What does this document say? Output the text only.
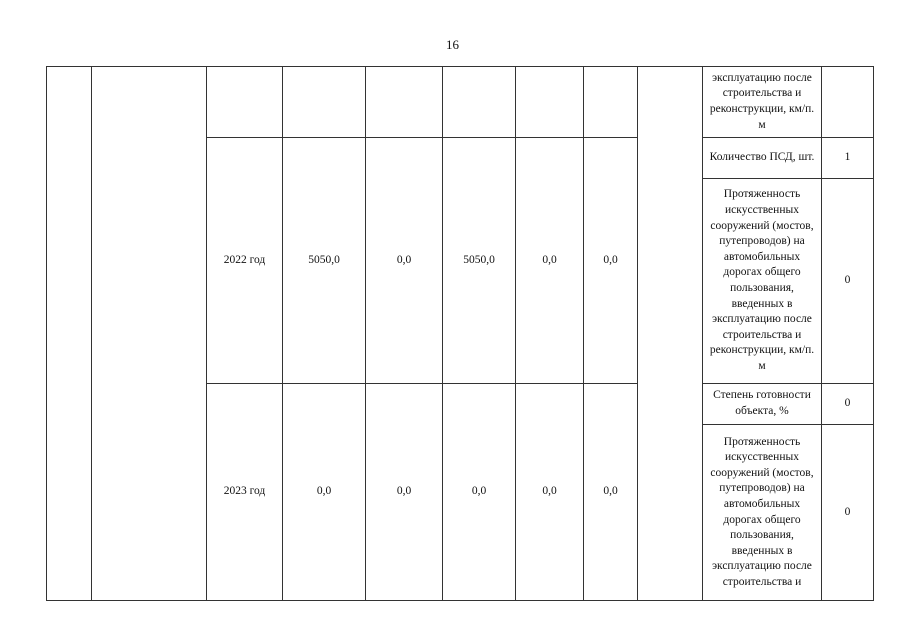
16
									эксплуатацию после строительства и реконструкции, км/п. м	
		2022 год	5050,0	0,0	5050,0	0,0	0,0		Количество ПСД, шт.	1
									Протяженность искусственных сооружений (мостов, путепроводов) на автомобильных дорогах общего пользования, введенных в эксплуатацию после строительства и реконструкции, км/п. м	0
		2023 год	0,0	0,0	0,0	0,0	0,0		Степень готовности объекта, %	0
									Протяженность искусственных сооружений (мостов, путепроводов) на автомобильных дорогах общего пользования, введенных в эксплуатацию после строительства и	0
